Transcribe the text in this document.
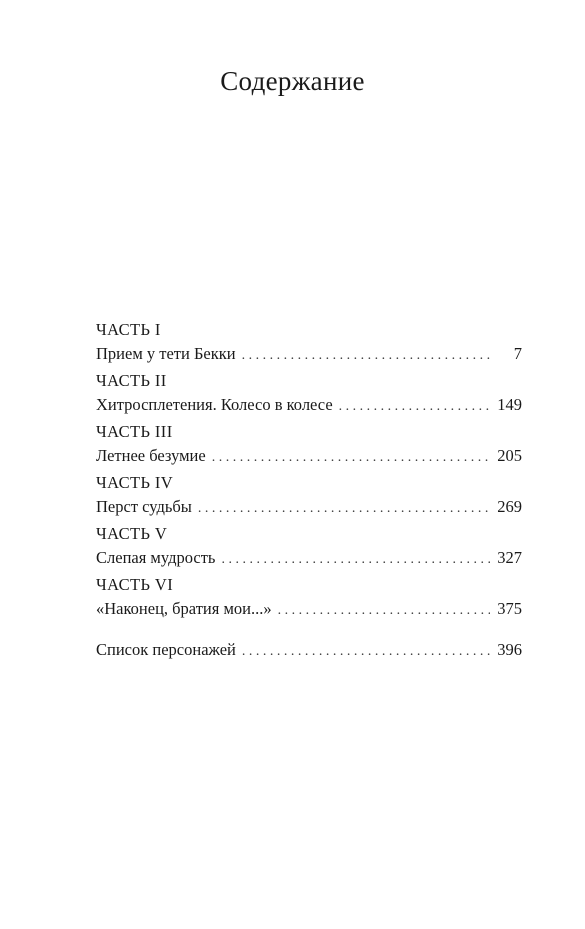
Содержание
ЧАСТЬ I
Прием у тети Бекки . . .	7
ЧАСТЬ II
Хитросплетения. Колесо в колесе . . .	149
ЧАСТЬ III
Летнее безумие . . .	205
ЧАСТЬ IV
Перст судьбы . . .	269
ЧАСТЬ V
Слепая мудрость . . .	327
ЧАСТЬ VI
«Наконец, братия мои...» . . .	375
Список персонажей . . .	396
